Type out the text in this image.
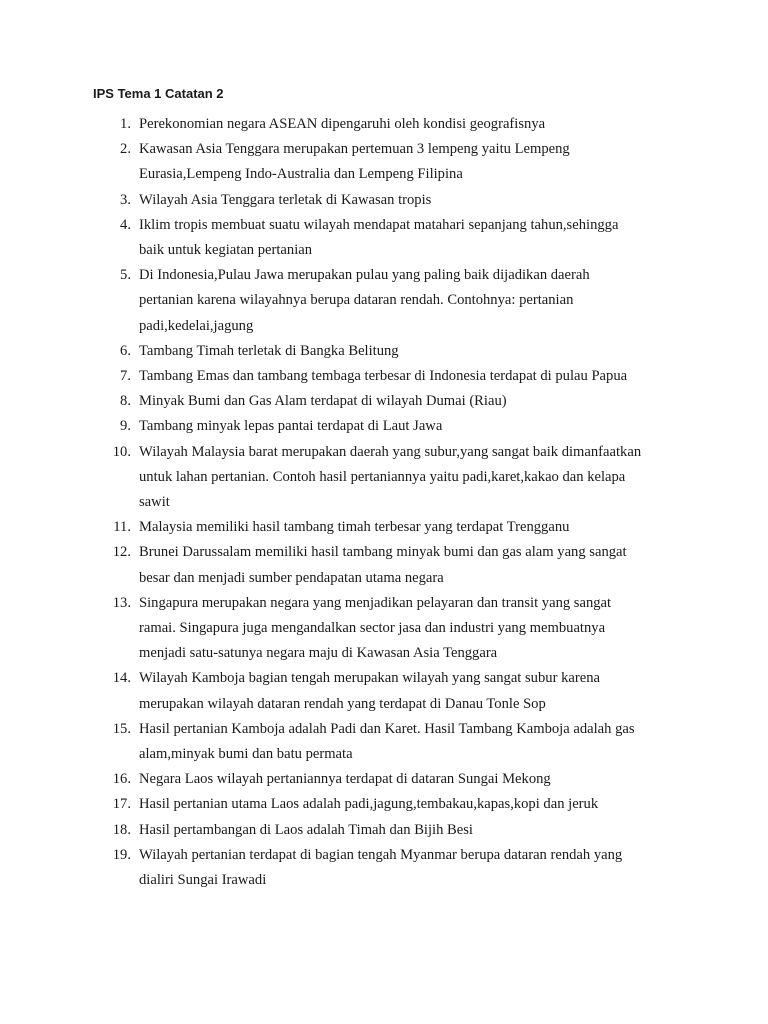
IPS Tema 1 Catatan 2
1. Perekonomian negara ASEAN dipengaruhi oleh kondisi geografisnya
2. Kawasan Asia Tenggara merupakan pertemuan 3 lempeng yaitu Lempeng
Eurasia,Lempeng Indo-Australia dan Lempeng Filipina
3. Wilayah Asia Tenggara terletak di Kawasan tropis
4. Iklim tropis membuat suatu wilayah mendapat matahari sepanjang tahun,sehingga
baik untuk kegiatan pertanian
5. Di Indonesia,Pulau Jawa merupakan pulau yang paling baik dijadikan daerah
pertanian karena wilayahnya berupa dataran rendah. Contohnya: pertanian
padi,kedelai,jagung
6. Tambang Timah terletak di Bangka Belitung
7. Tambang Emas dan tambang tembaga terbesar di Indonesia terdapat di pulau Papua
8. Minyak Bumi dan Gas Alam terdapat di wilayah Dumai (Riau)
9. Tambang minyak lepas pantai terdapat di Laut Jawa
10. Wilayah Malaysia barat merupakan daerah yang subur,yang sangat baik dimanfaatkan
untuk lahan pertanian. Contoh hasil pertaniannya yaitu padi,karet,kakao dan kelapa
sawit
11. Malaysia memiliki hasil tambang timah terbesar yang terdapat Trengganu
12. Brunei Darussalam memiliki hasil tambang minyak bumi dan gas alam yang sangat
besar dan menjadi sumber pendapatan utama negara
13. Singapura merupakan negara yang menjadikan pelayaran dan transit yang sangat
ramai. Singapura juga mengandalkan sector jasa dan industri yang membuatnya
menjadi satu-satunya negara maju di Kawasan Asia Tenggara
14. Wilayah Kamboja bagian tengah merupakan wilayah yang sangat subur karena
merupakan wilayah dataran rendah yang terdapat di Danau Tonle Sop
15. Hasil pertanian Kamboja adalah Padi dan Karet. Hasil Tambang Kamboja adalah gas
alam,minyak bumi dan batu permata
16. Negara Laos wilayah pertaniannya terdapat di dataran Sungai Mekong
17. Hasil pertanian utama Laos adalah padi,jagung,tembakau,kapas,kopi dan jeruk
18. Hasil pertambangan di Laos adalah Timah dan Bijih Besi
19. Wilayah pertanian terdapat di bagian tengah Myanmar berupa dataran rendah yang
dialiri Sungai Irawadi
